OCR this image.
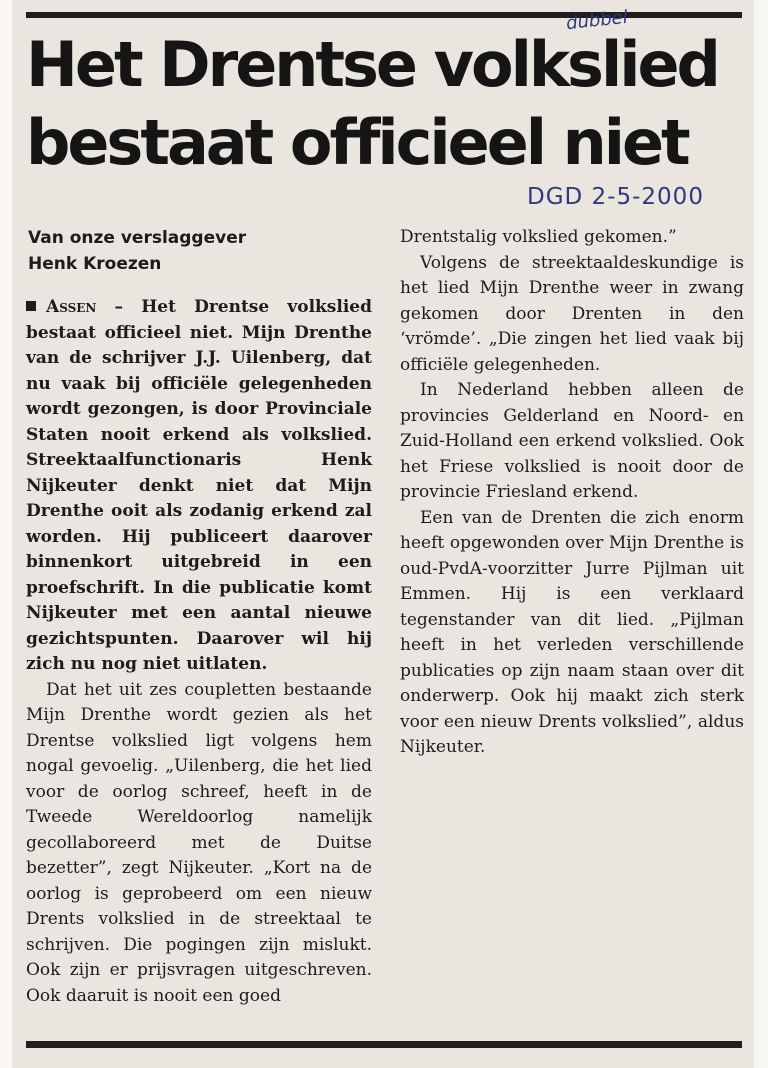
Het Drentse volkslied
bestaat officieel niet
dubbel
DGD 2-5-2000
Van onze verslaggever
Henk Kroezen

Assen – Het Drentse volkslied bestaat officieel niet. Mijn Drenthe van de schrijver J.J. Uilenberg, dat nu vaak bij officiële gelegenheden wordt gezongen, is door Provinciale Staten nooit erkend als volkslied. Streektaalfunctionaris Henk Nijkeuter denkt niet dat Mijn Drenthe ooit als zodanig erkend zal worden. Hij publiceert daarover binnenkort uitgebreid in een proefschrift. In die publicatie komt Nijkeuter met een aantal nieuwe gezichtspunten. Daarover wil hij zich nu nog niet uitlaten.

Dat het uit zes coupletten bestaande Mijn Drenthe wordt gezien als het Drentse volkslied ligt volgens hem nogal gevoelig. „Uilenberg, die het lied voor de oorlog schreef, heeft in de Tweede Wereldoorlog namelijk gecollaboreerd met de Duitse bezetter”, zegt Nijkeuter. „Kort na de oorlog is geprobeerd om een nieuw Drents volkslied in de streektaal te schrijven. Die pogingen zijn mislukt. Ook zijn er prijsvragen uitgeschreven. Ook daaruit is nooit een goed

Drentstalig volkslied gekomen.”

Volgens de streektaaldeskundige is het lied Mijn Drenthe weer in zwang gekomen door Drenten in den ‘vrömde’. „Die zingen het lied vaak bij officiële gelegenheden.

In Nederland hebben alleen de provincies Gelderland en Noord- en Zuid-Holland een erkend volkslied. Ook het Friese volkslied is nooit door de provincie Friesland erkend.

Een van de Drenten die zich enorm heeft opgewonden over Mijn Drenthe is oud-PvdA-voorzitter Jurre Pijlman uit Emmen. Hij is een verklaard tegenstander van dit lied. „Pijlman heeft in het verleden verschillende publicaties op zijn naam staan over dit onderwerp. Ook hij maakt zich sterk voor een nieuw Drents volkslied”, aldus Nijkeuter.
